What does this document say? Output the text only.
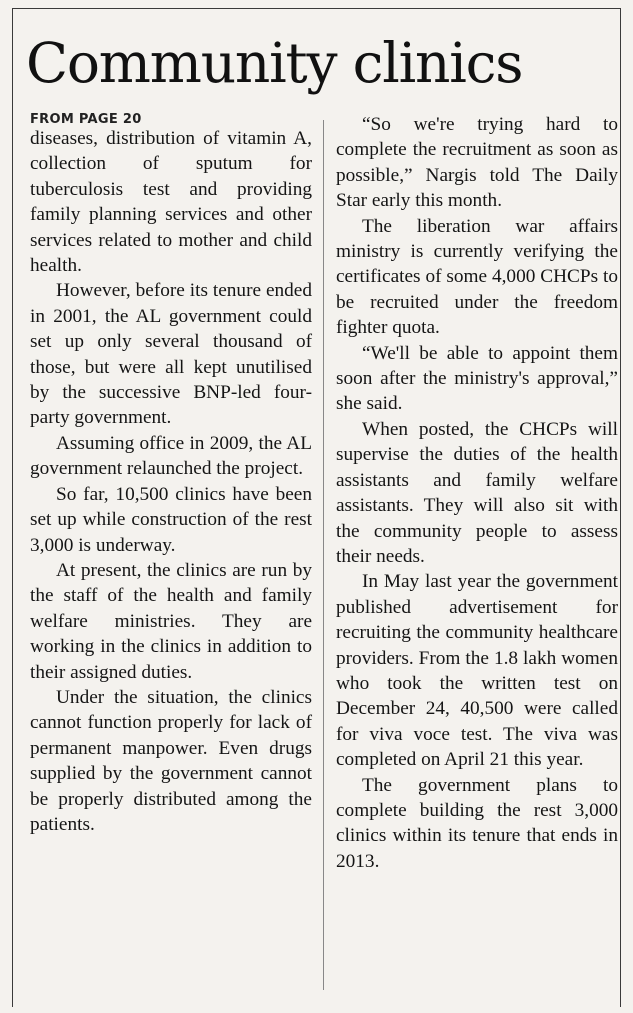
Community clinics
FROM PAGE 20

diseases, distribution of vitamin A, collection of sputum for tuberculosis test and providing family planning services and other services related to mother and child health.

However, before its tenure ended in 2001, the AL government could set up only several thousand of those, but were all kept unutilised by the successive BNP-led four-party government.

Assuming office in 2009, the AL government relaunched the project.

So far, 10,500 clinics have been set up while construction of the rest 3,000 is underway.

At present, the clinics are run by the staff of the health and family welfare ministries. They are working in the clinics in addition to their assigned duties.

Under the situation, the clinics cannot function properly for lack of permanent manpower. Even drugs supplied by the government cannot be properly distributed among the patients.

“So we're trying hard to complete the recruitment as soon as possible,” Nargis told The Daily Star early this month.

The liberation war affairs ministry is currently verifying the certificates of some 4,000 CHCPs to be recruited under the freedom fighter quota.

“We'll be able to appoint them soon after the ministry's approval,” she said.

When posted, the CHCPs will supervise the duties of the health assistants and family welfare assistants. They will also sit with the community people to assess their needs.

In May last year the government published advertisement for recruiting the community healthcare providers. From the 1.8 lakh women who took the written test on December 24, 40,500 were called for viva voce test. The viva was completed on April 21 this year.

The government plans to complete building the rest 3,000 clinics within its tenure that ends in 2013.
